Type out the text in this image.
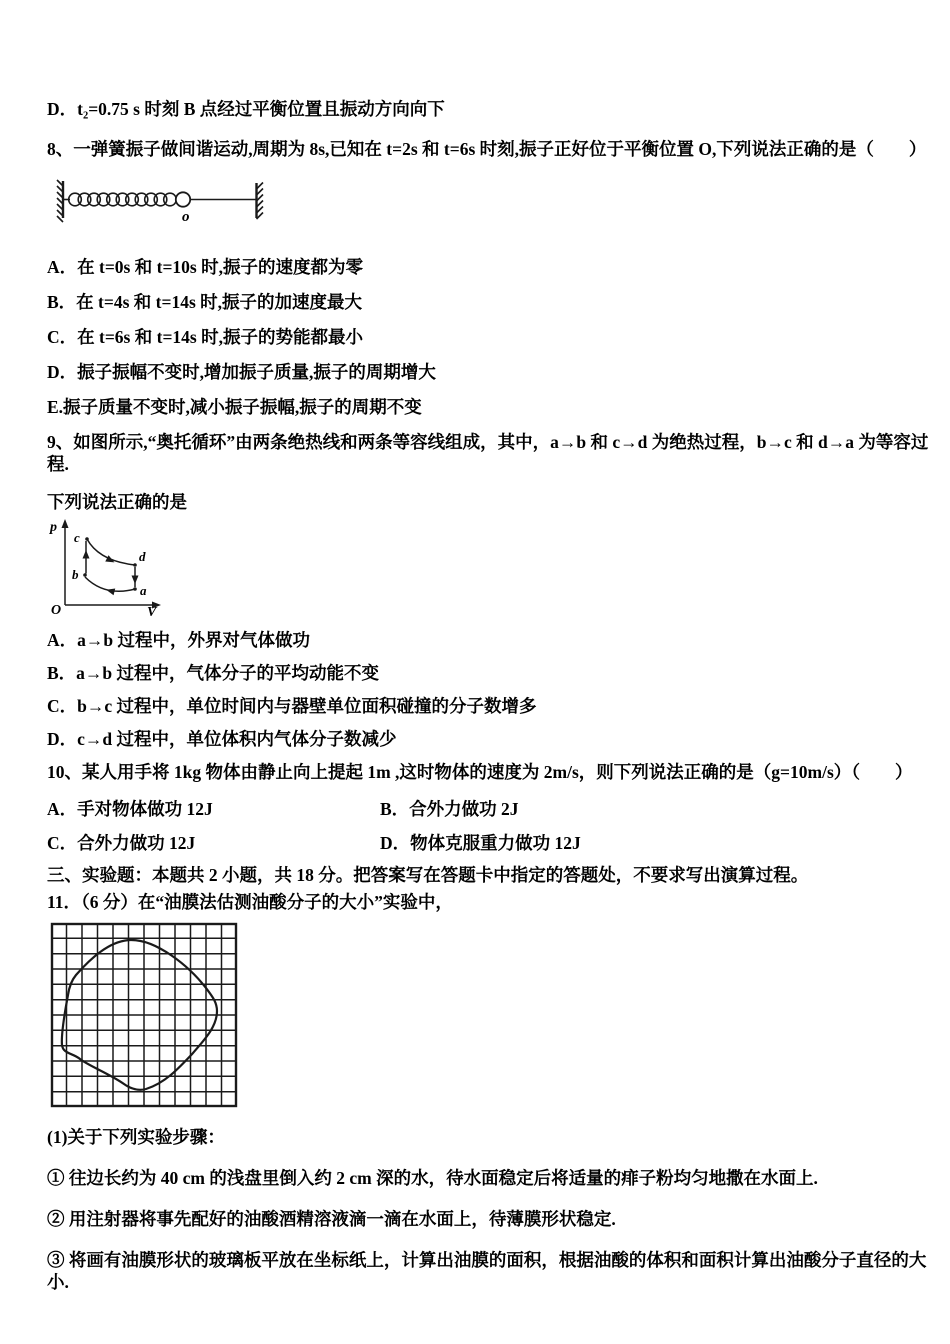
D．t₂=0.75 s 时刻 B 点经过平衡位置且振动方向向下

8、一弹簧振子做间谐运动,周期为 8s,已知在 t=2s 和 t=6s 时刻,振子正好位于平衡位置 O,下列说法正确的是（　　）

o

A．在 t=0s 和 t=10s 时,振子的速度都为零

B．在 t=4s 和 t=14s 时,振子的加速度最大

C．在 t=6s 和 t=14s 时,振子的势能都最小

D．振子振幅不变时,增加振子质量,振子的周期增大

E.振子质量不变时,减小振子振幅,振子的周期不变

9、如图所示,“奥托循环”由两条绝热线和两条等容线组成，其中，a→b 和 c→d 为绝热过程，b→c 和 d→a 为等容过程.

下列说法正确的是

p
V
O
c
b
d
a

A．a→b 过程中，外界对气体做功

B．a→b 过程中，气体分子的平均动能不变

C．b→c 过程中，单位时间内与器壁单位面积碰撞的分子数增多

D．c→d 过程中，单位体积内气体分子数减少

10、某人用手将 1kg 物体由静止向上提起 1m ,这时物体的速度为 2m/s，则下列说法正确的是（g=10m/s）（　　）

A．手对物体做功 12J	B．合外力做功 2J
C．合外力做功 12J	D．物体克服重力做功 12J

三、实验题：本题共 2 小题，共 18 分。把答案写在答题卡中指定的答题处，不要求写出演算过程。

11．（6 分）在“油膜法估测油酸分子的大小”实验中，

(1)关于下列实验步骤：

① 往边长约为 40 cm 的浅盘里倒入约 2 cm 深的水，待水面稳定后将适量的痱子粉均匀地撒在水面上.

② 用注射器将事先配好的油酸酒精溶液滴一滴在水面上，待薄膜形状稳定.

③ 将画有油膜形状的玻璃板平放在坐标纸上，计算出油膜的面积，根据油酸的体积和面积计算出油酸分子直径的大小.
